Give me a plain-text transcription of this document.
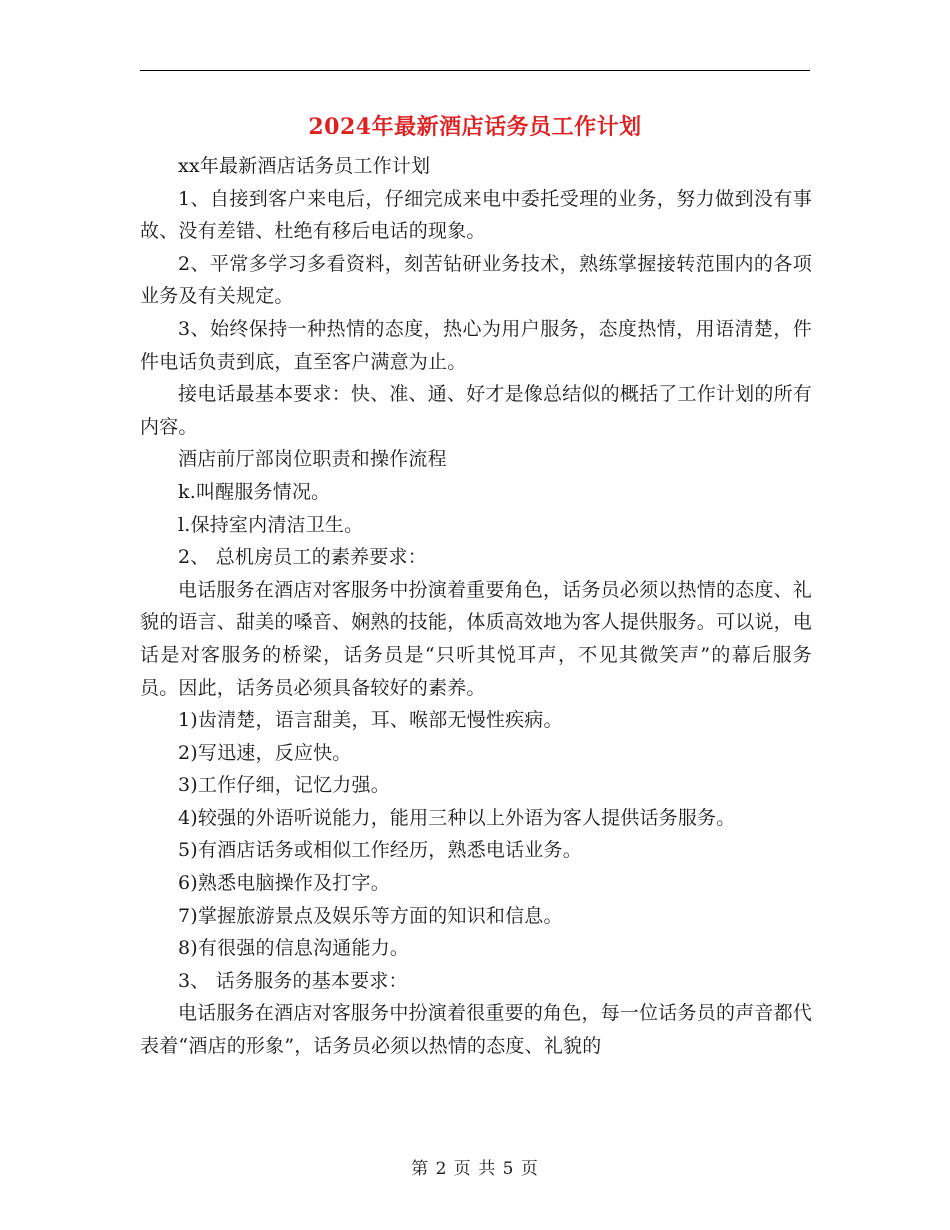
2024年最新酒店话务员工作计划

xx年最新酒店话务员工作计划

1、自接到客户来电后，仔细完成来电中委托受理的业务，努力做到没有事故、没有差错、杜绝有移后电话的现象。

2、平常多学习多看资料，刻苦钻研业务技术，熟练掌握接转范围内的各项业务及有关规定。

3、始终保持一种热情的态度，热心为用户服务，态度热情，用语清楚，件件电话负责到底，直至客户满意为止。

接电话最基本要求：快、准、通、好才是像总结似的概括了工作计划的所有内容。

酒店前厅部岗位职责和操作流程

k.叫醒服务情况。

l.保持室内清洁卫生。

2、 总机房员工的素养要求：

电话服务在酒店对客服务中扮演着重要角色，话务员必须以热情的态度、礼貌的语言、甜美的嗓音、娴熟的技能，体质高效地为客人提供服务。可以说，电话是对客服务的桥梁，话务员是“只听其悦耳声，不见其微笑声”的幕后服务员。因此，话务员必须具备较好的素养。

1)齿清楚，语言甜美，耳、喉部无慢性疾病。

2)写迅速，反应快。

3)工作仔细，记忆力强。

4)较强的外语听说能力，能用三种以上外语为客人提供话务服务。

5)有酒店话务或相似工作经历，熟悉电话业务。

6)熟悉电脑操作及打字。

7)掌握旅游景点及娱乐等方面的知识和信息。

8)有很强的信息沟通能力。

3、 话务服务的基本要求：

电话服务在酒店对客服务中扮演着很重要的角色，每一位话务员的声音都代表着“酒店的形象”，话务员必须以热情的态度、礼貌的

第 2 页 共 5 页
